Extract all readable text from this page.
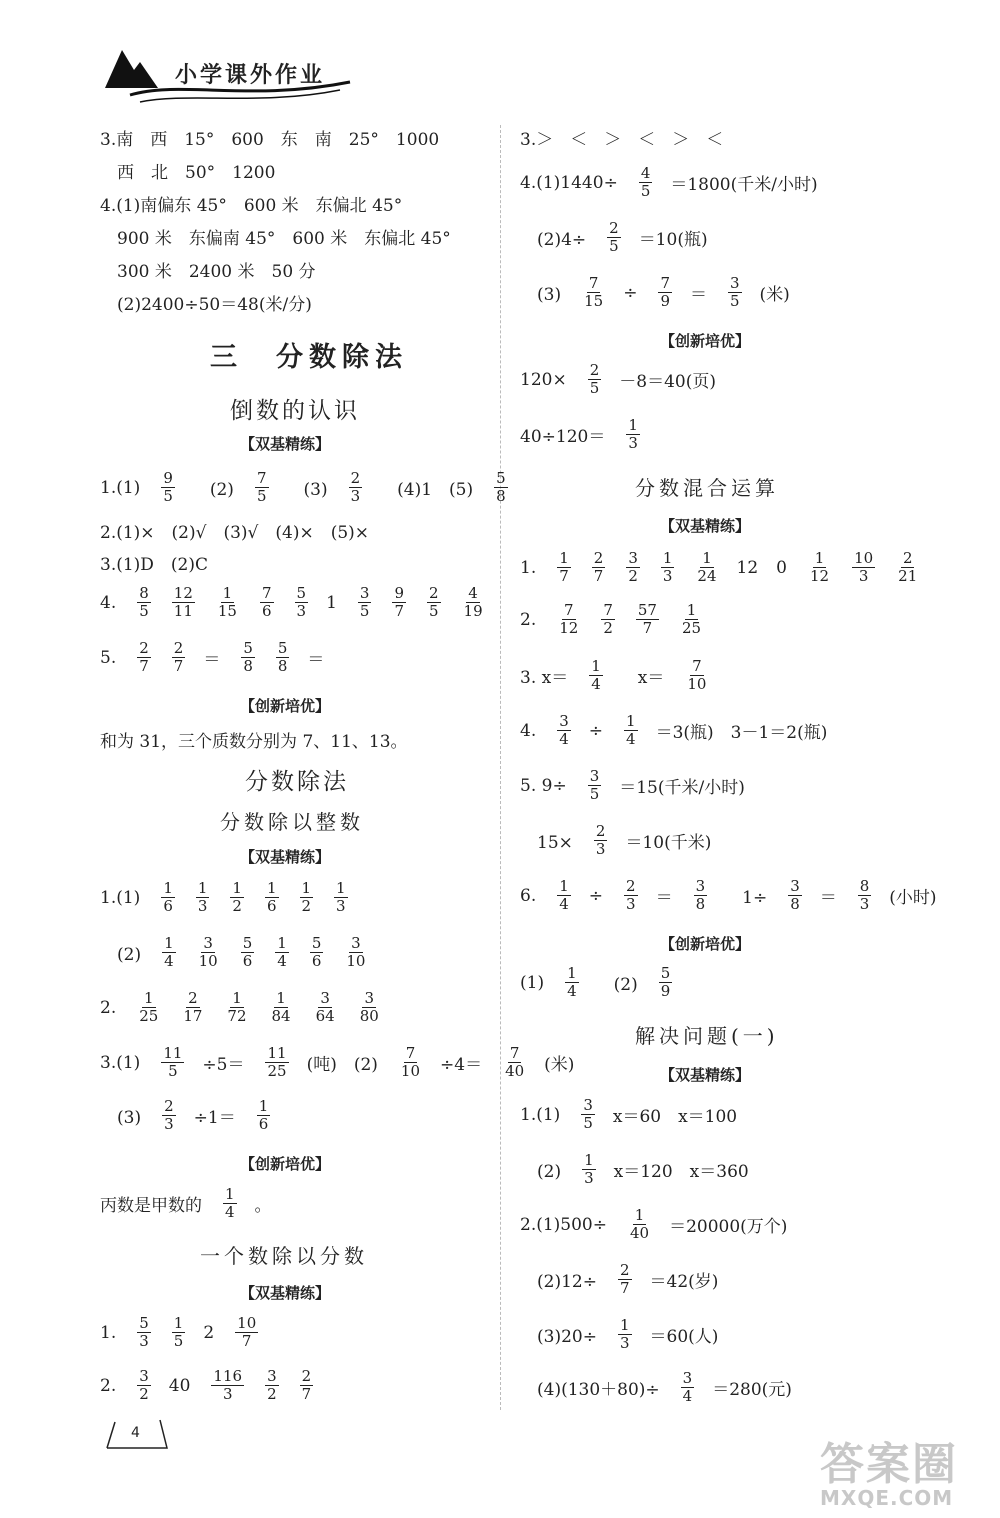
小学课外作业
3.南　西　15°　600　东　南　25°　1000
　西　北　50°　1200
4.(1)南偏东 45°　600 米　东偏北 45°
　900 米　东偏南 45°　600 米　东偏北 45°
　300 米　2400 米　50 分
　(2)2400÷50＝48(米/分)
三　分数除法
倒数的认识
【双基精练】
$1.(1) \frac{9}{5}$ 　$(2) \frac{7}{5}$ 　$(3) \frac{2}{3}$ 　(4)1　$(5) \frac{5}{8}$
2.(1)×　(2)√　(3)√　(4)×　(5)×
3.(1)D　(2)C
4. $\frac{8}{5} \frac{12}{11} \frac{1}{15} \frac{7}{6} \frac{5}{3} 1 \frac{3}{5} \frac{9}{7} \frac{2}{5} \frac{4}{19}$
5. $\frac{2}{7} \frac{2}{7} = \frac{5}{8} \frac{5}{8}$ ＝
【创新培优】
和为 31，三个质数分别为 7、11、13。
分数除法
分数除以整数
【双基精练】
$1.(1) \frac{1}{6} \frac{1}{3} \frac{1}{2} \frac{1}{6} \frac{1}{2} \frac{1}{3}$
　$(2) \frac{1}{4} \frac{3}{10} \frac{5}{6} \frac{1}{4} \frac{5}{6} \frac{3}{10}$
2. $\frac{1}{25} \frac{2}{17} \frac{1}{72} \frac{1}{84} \frac{3}{64} \frac{3}{80}$
$3.(1) \frac{11}{5} \div 5= \frac{11}{25}$ (吨)　$(2) \frac{7}{10} \div 4= \frac{7}{40}$ (米)
　$(3) \frac{2}{3} \div 1= \frac{1}{6}$
【创新培优】
丙数是甲数的 $\frac{1}{4}$ 。
一个数除以分数
【双基精练】
1. $\frac{5}{3} \frac{1}{5} 2 \frac{10}{7}$
2. $\frac{3}{2} 40 \frac{116}{3} \frac{3}{2} \frac{2}{7}$
3.＞　＜　＞　＜　＞　＜
$4.(1)1440\div \frac{4}{5} =1800$(千米/小时)
　$(2)4\div \frac{2}{5} =10$(瓶)
　$(3) \frac{7}{15} \div \frac{7}{9} = \frac{3}{5}$ (米)
【创新培优】
$120\times \frac{2}{5} -8=40$(页)
$40\div 120= \frac{1}{3}$
分数混合运算
【双基精练】
1. $\frac{1}{7} \frac{2}{7} \frac{3}{2} \frac{1}{3} \frac{1}{24} 12$ $0 \frac{1}{12} \frac{10}{3} \frac{2}{21}$
2. $\frac{7}{12} \frac{7}{2} \frac{57}{7} \frac{1}{25}$
3. $x= \frac{1}{4}$ 　$x= \frac{7}{10}$
4. $\frac{3}{4} \div \frac{1}{4} =3$(瓶)　3－1＝2(瓶)
5. $9\div \frac{3}{5} =15$(千米/小时)
　$15\times \frac{2}{3} =10$(千米)
6. $\frac{1}{4} \div \frac{2}{3} = \frac{3}{8}$ 　$1\div \frac{3}{8} = \frac{8}{3}$ (小时)
【创新培优】
$(1) \frac{1}{4}$ 　$(2) \frac{5}{9}$
解决问题(一)
【双基精练】
$1.(1) \frac{3}{5} x=60$　x＝100
　$(2) \frac{1}{3} x=120$　x＝360
$2.(1)500\div \frac{1}{40} =20000$(万个)
　$(2)12\div \frac{2}{7} =42$(岁)
　$(3)20\div \frac{1}{3} =60$(人)
　$(4)(130+80)\div \frac{3}{4} =280$(元)
4
答案圈
MXQE.COM
